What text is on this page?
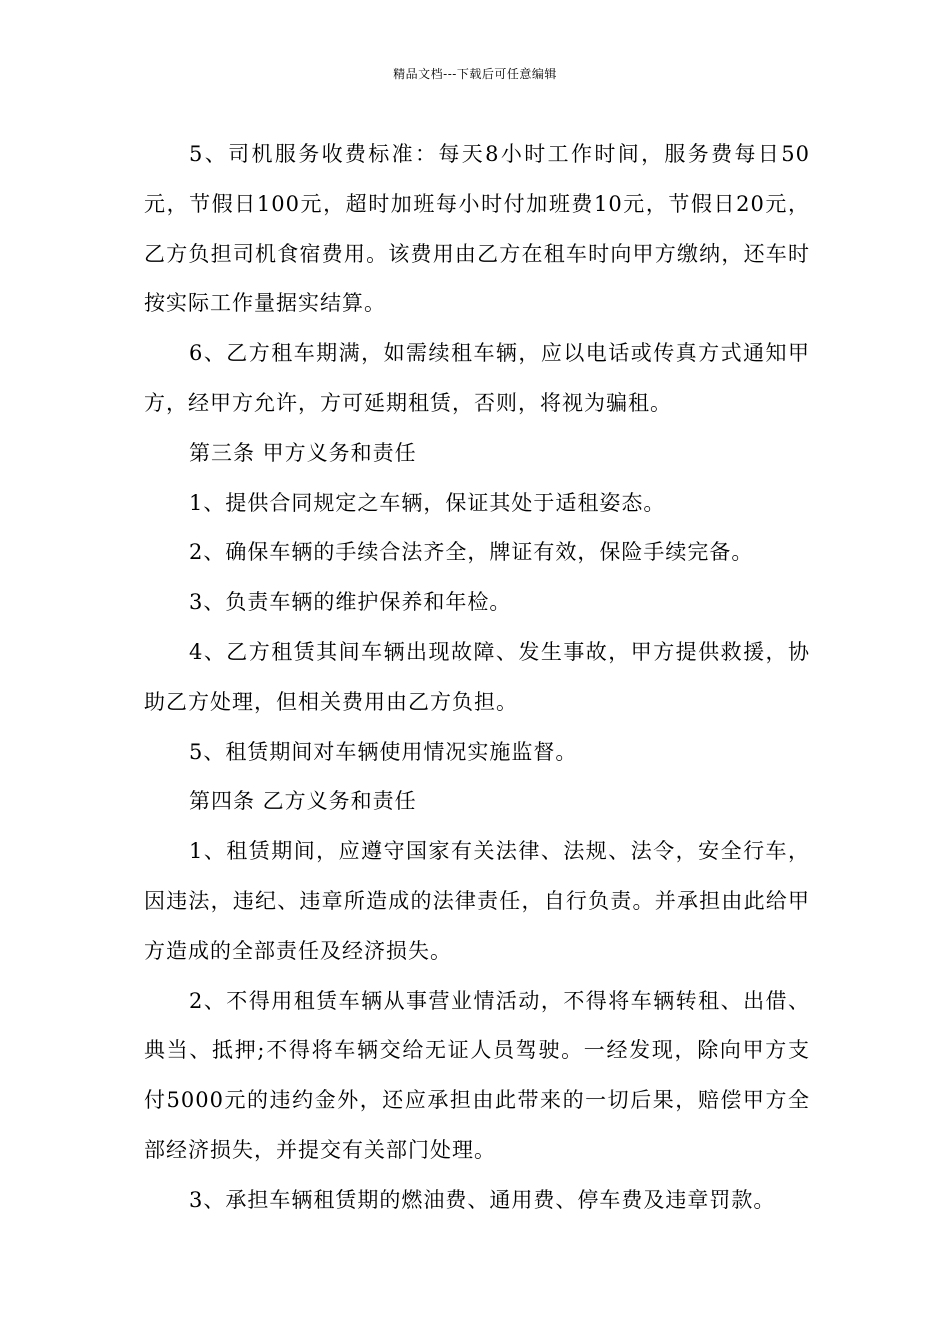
精品文档---下载后可任意编辑

5、司机服务收费标准：每天8小时工作时间，服务费每日50元，节假日100元，超时加班每小时付加班费10元，节假日20元，乙方负担司机食宿费用。该费用由乙方在租车时向甲方缴纳，还车时按实际工作量据实结算。

6、乙方租车期满，如需续租车辆，应以电话或传真方式通知甲方，经甲方允许，方可延期租赁，否则，将视为骗租。

第三条 甲方义务和责任

1、提供合同规定之车辆，保证其处于适租姿态。

2、确保车辆的手续合法齐全，牌证有效，保险手续完备。

3、负责车辆的维护保养和年检。

4、乙方租赁其间车辆出现故障、发生事故，甲方提供救援，协助乙方处理，但相关费用由乙方负担。

5、租赁期间对车辆使用情况实施监督。

第四条 乙方义务和责任

1、租赁期间，应遵守国家有关法律、法规、法令，安全行车，因违法，违纪、违章所造成的法律责任，自行负责。并承担由此给甲方造成的全部责任及经济损失。

2、不得用租赁车辆从事营业情活动，不得将车辆转租、出借、典当、抵押;不得将车辆交给无证人员驾驶。一经发现，除向甲方支付5000元的违约金外，还应承担由此带来的一切后果，赔偿甲方全部经济损失，并提交有关部门处理。

3、承担车辆租赁期的燃油费、通用费、停车费及违章罚款。
